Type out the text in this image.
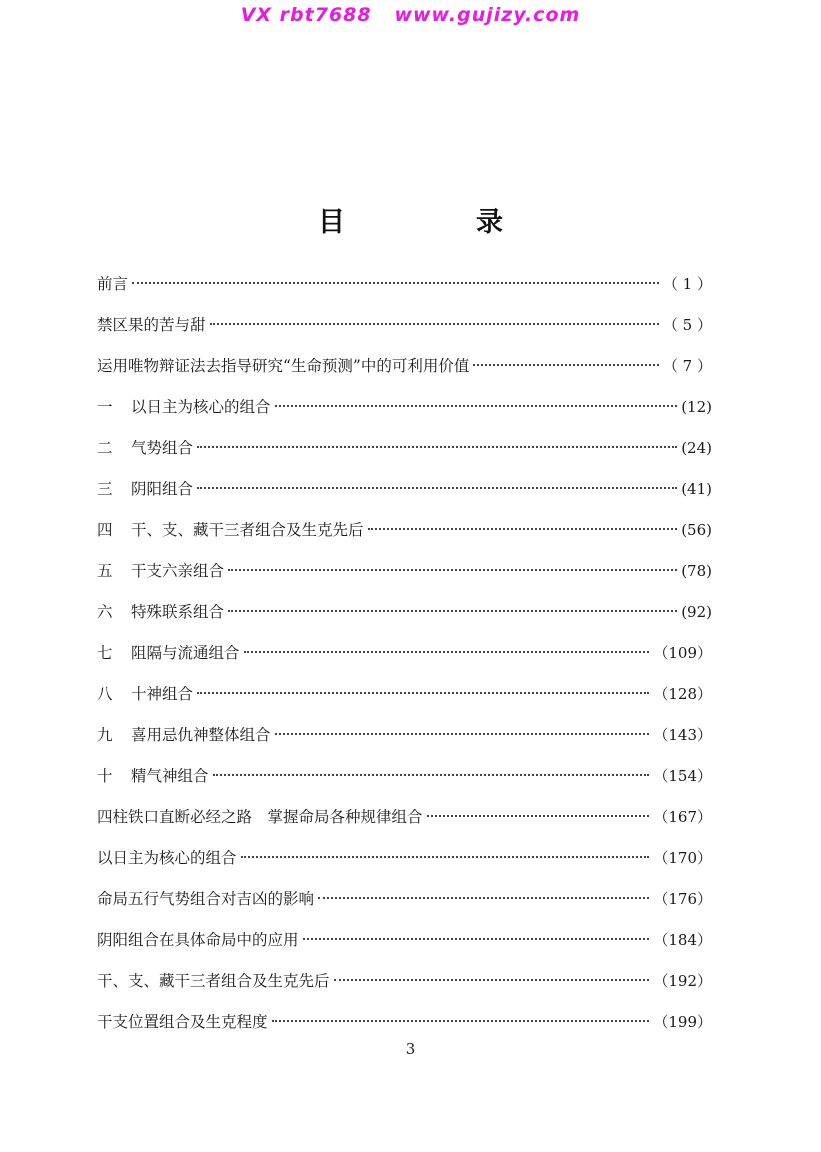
VX rbt7688   www.gujizy.com
目　录
前言	（ 1 ）
禁区果的苦与甜	（ 5 ）
运用唯物辩证法去指导研究“生命预测”中的可利用价值	（ 7 ）
一	以日主为核心的组合	(12)
二	气势组合	(24)
三	阴阳组合	(41)
四	干、支、藏干三者组合及生克先后	(56)
五	干支六亲组合	(78)
六	特殊联系组合	(92)
七	阻隔与流通组合	（109）
八	十神组合	（128）
九	喜用忌仇神整体组合	（143）
十	精气神组合	（154）
四柱铁口直断必经之路　掌握命局各种规律组合	（167）
以日主为核心的组合	（170）
命局五行气势组合对吉凶的影响	（176）
阴阳组合在具体命局中的应用	（184）
干、支、藏干三者组合及生克先后	（192）
干支位置组合及生克程度	（199）
3
